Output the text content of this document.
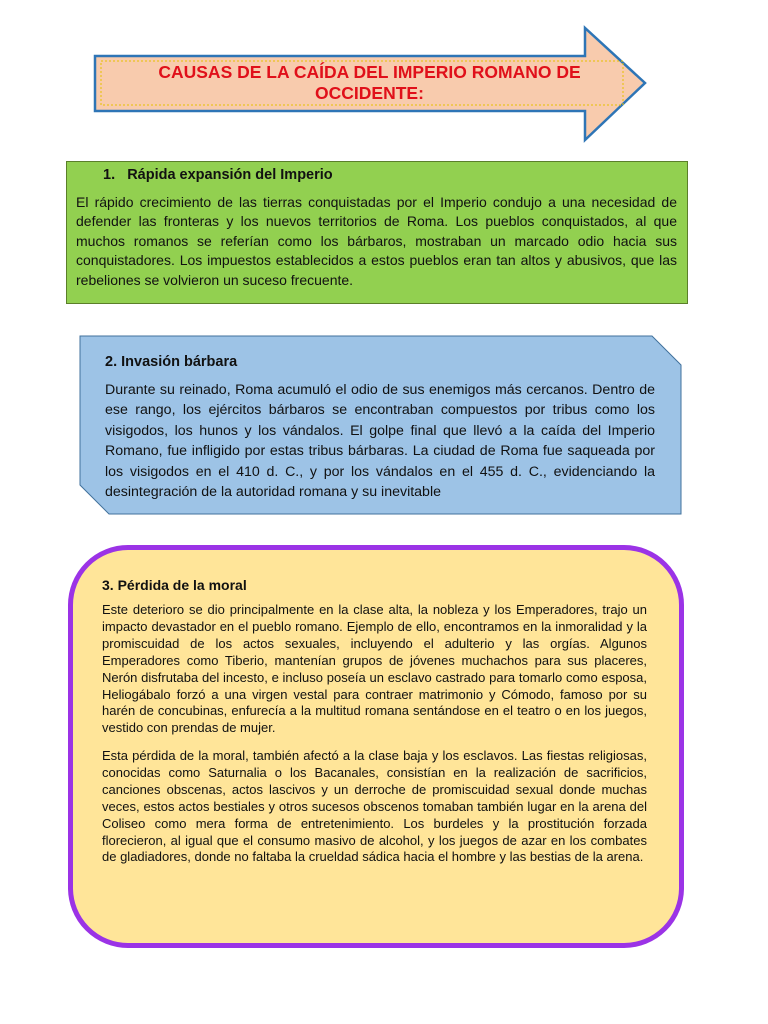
CAUSAS DE LA CAÍDA DEL IMPERIO ROMANO DE OCCIDENTE:
1. Rápida expansión del Imperio

El rápido crecimiento de las tierras conquistadas por el Imperio condujo a una necesidad de defender las fronteras y los nuevos territorios de Roma. Los pueblos conquistados, al que muchos romanos se referían como los bárbaros, mostraban un marcado odio hacia sus conquistadores. Los impuestos establecidos a estos pueblos eran tan altos y abusivos, que las rebeliones se volvieron un suceso frecuente.

2. Invasión bárbara

Durante su reinado, Roma acumuló el odio de sus enemigos más cercanos. Dentro de ese rango, los ejércitos bárbaros se encontraban compuestos por tribus como los visigodos, los hunos y los vándalos. El golpe final que llevó a la caída del Imperio Romano, fue infligido por estas tribus bárbaras. La ciudad de Roma fue saqueada por los visigodos en el 410 d. C., y por los vándalos en el 455 d. C., evidenciando la desintegración de la autoridad romana y su inevitable

3. Pérdida de la moral

Este deterioro se dio principalmente en la clase alta, la nobleza y los Emperadores, trajo un impacto devastador en el pueblo romano. Ejemplo de ello, encontramos en la inmoralidad y la promiscuidad de los actos sexuales, incluyendo el adulterio y las orgías. Algunos Emperadores como Tiberio, mantenían grupos de jóvenes muchachos para sus placeres, Nerón disfrutaba del incesto, e incluso poseía un esclavo castrado para tomarlo como esposa, Heliogábalo forzó a una virgen vestal para contraer matrimonio y Cómodo, famoso por su harén de concubinas, enfurecía a la multitud romana sentándose en el teatro o en los juegos, vestido con prendas de mujer.

Esta pérdida de la moral, también afectó a la clase baja y los esclavos. Las fiestas religiosas, conocidas como Saturnalia o los Bacanales, consistían en la realización de sacrificios, canciones obscenas, actos lascivos y un derroche de promiscuidad sexual donde muchas veces, estos actos bestiales y otros sucesos obscenos tomaban también lugar en la arena del Coliseo como mera forma de entretenimiento. Los burdeles y la prostitución forzada florecieron, al igual que el consumo masivo de alcohol, y los juegos de azar en los combates de gladiadores, donde no faltaba la crueldad sádica hacia el hombre y las bestias de la arena.
